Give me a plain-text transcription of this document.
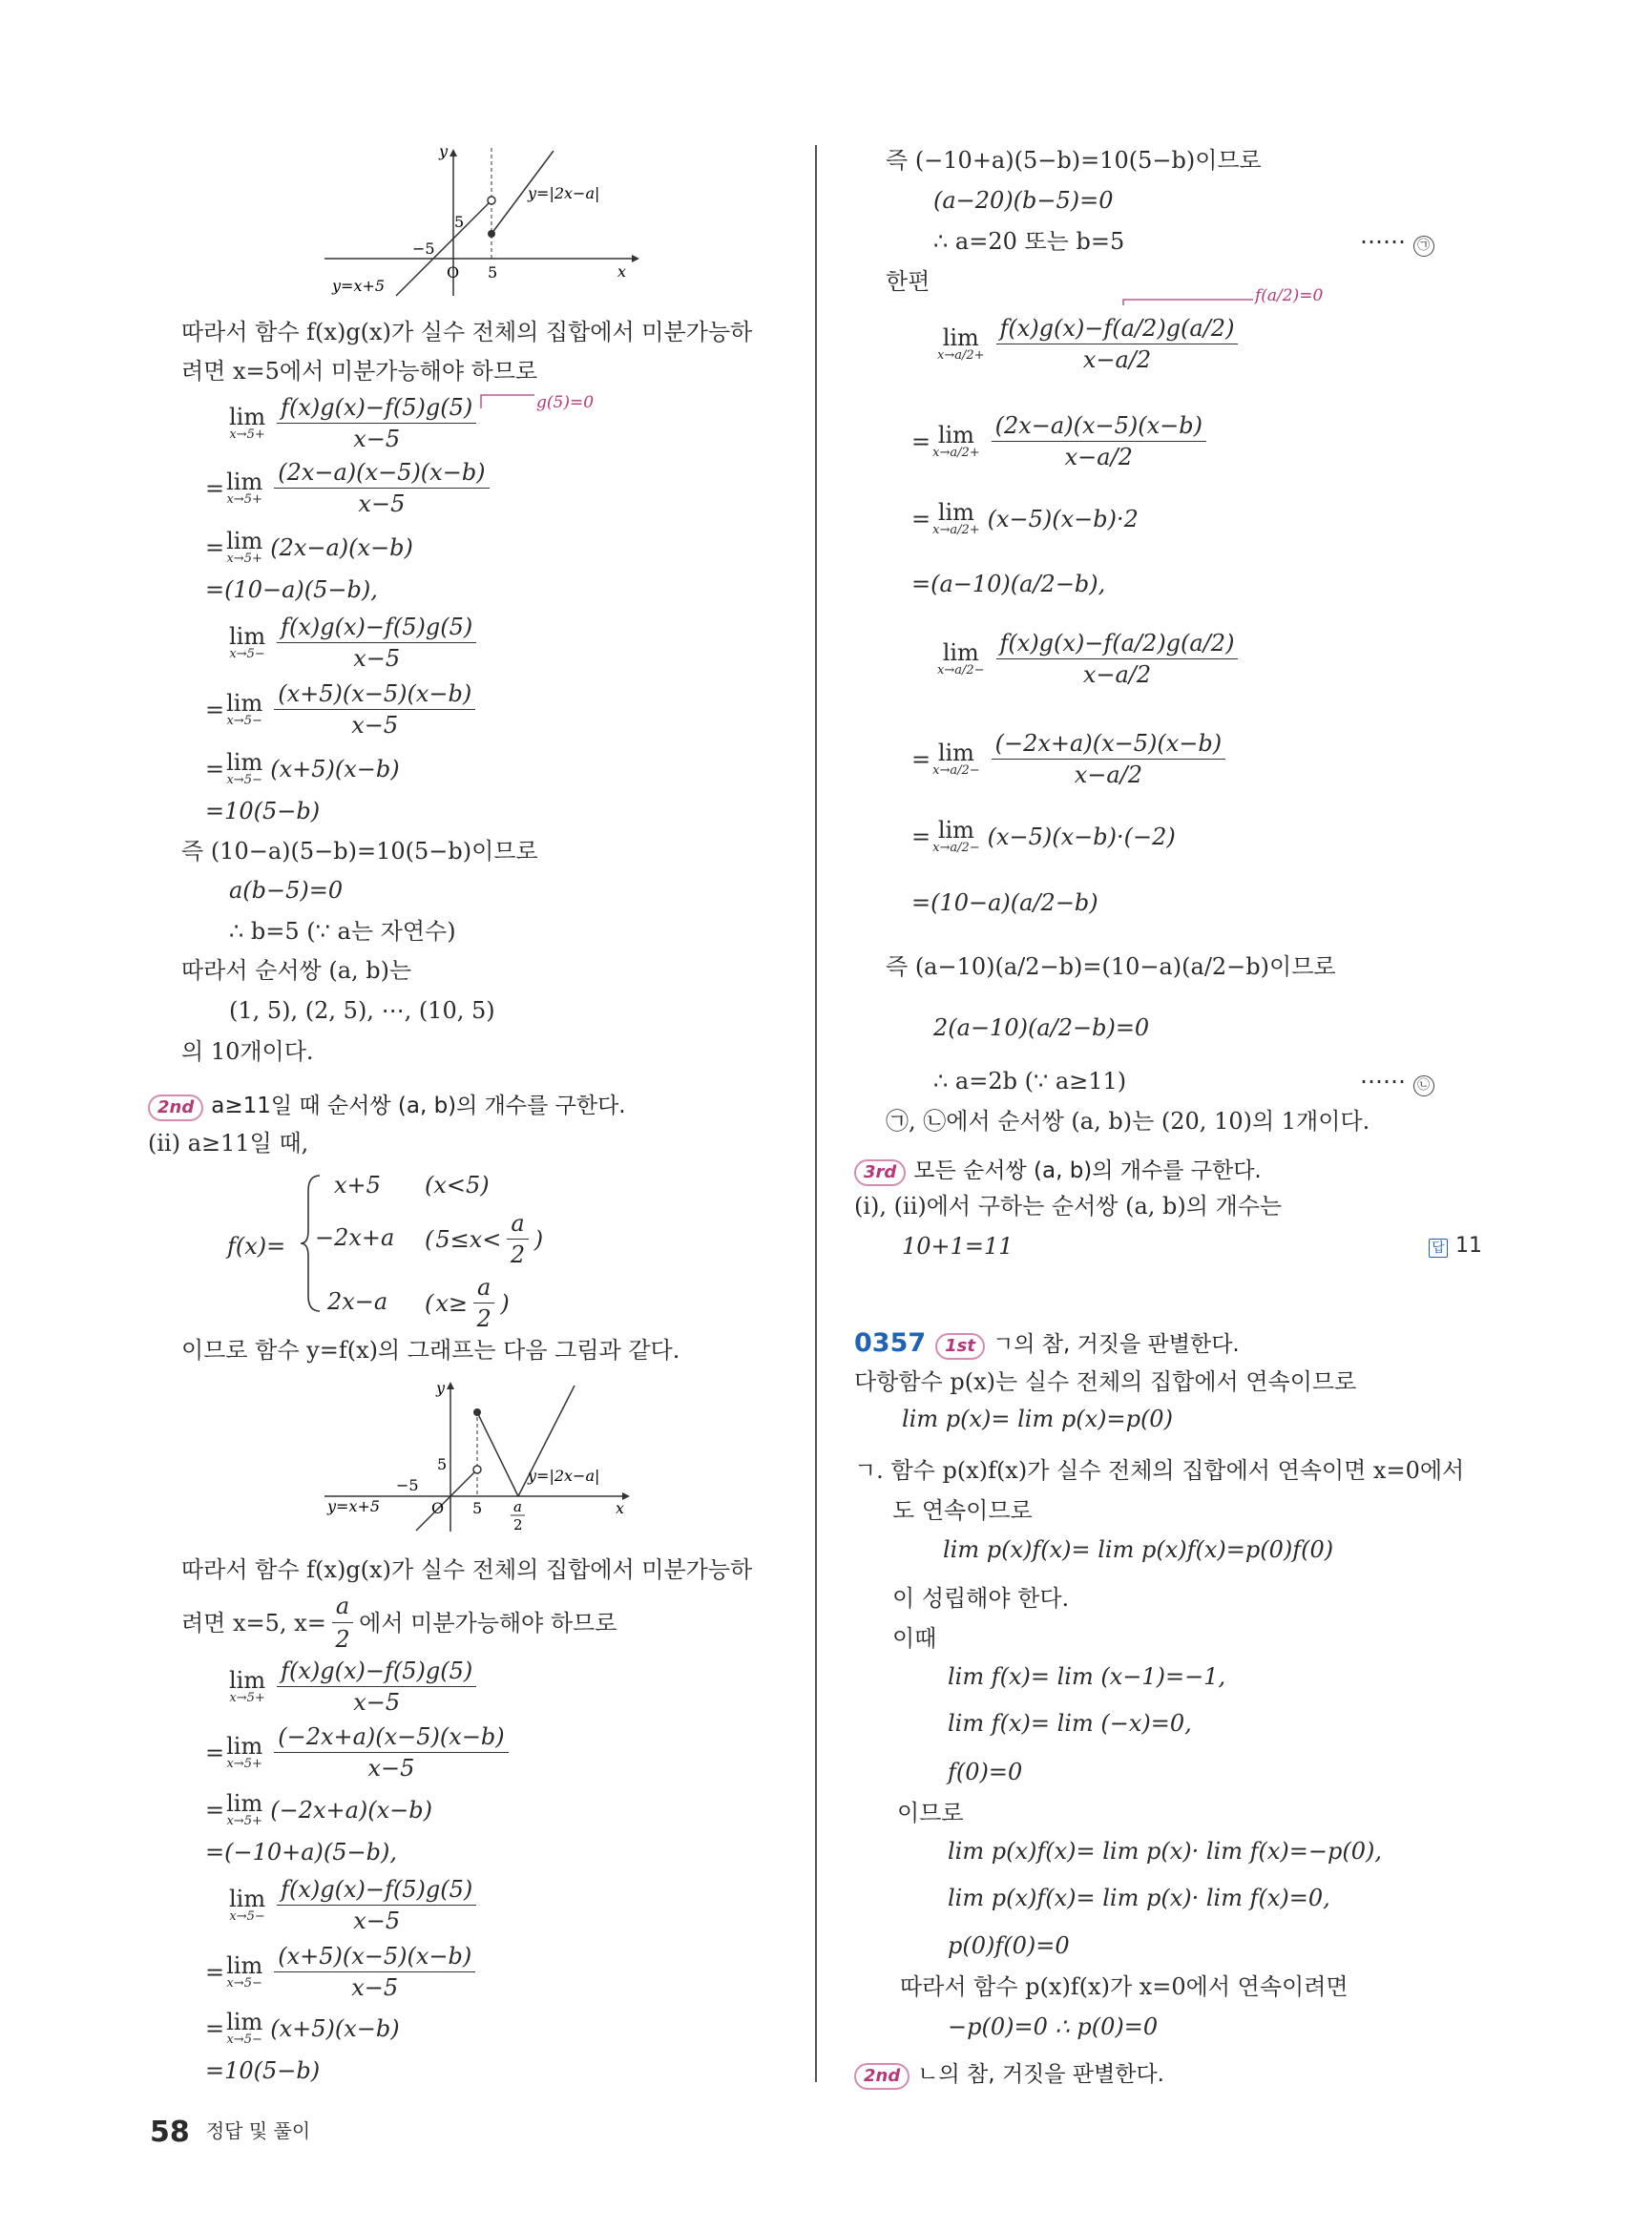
y
x
O
5
−5
5
y=x+5
y=|2x−a|
따라서 함수 f(x)g(x)가 실수 전체의 집합에서 미분가능하
려면 x=5에서 미분가능해야 하므로
g(5)=0
lim
$x\to 5+ \frac{f(x)g(x)-f(5)g(5)}{x-5}$
= lim
$x\to 5+ \frac{(2x-a)(x-5)(x-b)}{x-5}$
= lim
x→5+ (2x−a)(x−b)
=(10−a)(5−b),
lim
$x\to 5- \frac{f(x)g(x)-f(5)g(5)}{x-5}$
= lim
$x\to 5- \frac{(x+5)(x-5)(x-b)}{x-5}$
= lim
x→5− (x+5)(x−b)
=10(5−b)
즉 (10−a)(5−b)=10(5−b)이므로
a(b−5)=0
∴ b=5 (∵ a는 자연수)
따라서 순서쌍 (a, b)는
(1, 5), (2, 5), ⋯, (10, 5)
의 10개이다.
2nd a≥11일 때 순서쌍 (a, b)의 개수를 구한다.
(ii) a≥11일 때,
f(x)=
x+5 (x<5)
−2x+a ( $5\le x< \frac{a}{2}$ )
2x−a ( $x\ge \frac{a}{2}$ )
이므로 함수 y=f(x)의 그래프는 다음 그림과 같다.
y
x
O
5
−5
5 a
2
y=x+5
y=|2x−a|
따라서 함수 f(x)g(x)가 실수 전체의 집합에서 미분가능하
려면 x=5, $x= \frac{a}{2}$ 에서 미분가능해야 하므로
lim
$x\to 5+ \frac{f(x)g(x)-f(5)g(5)}{x-5}$
= lim
$x\to 5+ \frac{(-2x+a)(x-5)(x-b)}{x-5}$
= lim
x→5+ (−2x+a)(x−b)
=(−10+a)(5−b),
lim
$x\to 5- \frac{f(x)g(x)-f(5)g(5)}{x-5}$
= lim
$x\to 5- \frac{(x+5)(x-5)(x-b)}{x-5}$
= lim
x→5− (x+5)(x−b)
=10(5−b)
즉 (−10+a)(5−b)=10(5−b)이므로
(a−20)(b−5)=0
∴ a=20 또는 b=5	⋯⋯ ㉠
한편
f(a/2)=0
lim
$x\to a/2+ \frac{f(x)g(x)-f(a/2)g(a/2)}{x-a/2}$
= lim
$x\to a/2+ \frac{(2x-a)(x-5)(x-b)}{x-a/2}$
= lim
x→a/2+ (x−5)(x−b)·2
=(a−10)(a/2−b),
lim
$x\to a/2- \frac{f(x)g(x)-f(a/2)g(a/2)}{x-a/2}$
= lim
$x\to a/2- \frac{(-2x+a)(x-5)(x-b)}{x-a/2}$
= lim
x→a/2− (x−5)(x−b)·(−2)
=(10−a)(a/2−b)
즉 (a−10)(a/2−b)=(10−a)(a/2−b)이므로
2(a−10)(a/2−b)=0
∴ a=2b (∵ a≥11)	⋯⋯ ㉡
㉠, ㉡에서 순서쌍 (a, b)는 (20, 10)의 1개이다.
3rd 모든 순서쌍 (a, b)의 개수를 구한다.
(i), (ii)에서 구하는 순서쌍 (a, b)의 개수는
10+1=11	답 11
0357 1st ㄱ의 참, 거짓을 판별한다.
다항함수 p(x)는 실수 전체의 집합에서 연속이므로
lim p(x)= lim p(x)=p(0)
ㄱ. 함수 p(x)f(x)가 실수 전체의 집합에서 연속이면 x=0에서
도 연속이므로
lim p(x)f(x)= lim p(x)f(x)=p(0)f(0)
이 성립해야 한다.
이때
lim f(x)= lim (x−1)=−1,
lim f(x)= lim (−x)=0,
f(0)=0
이므로
lim p(x)f(x)= lim p(x)· lim f(x)=−p(0),
lim p(x)f(x)= lim p(x)· lim f(x)=0,
p(0)f(0)=0
따라서 함수 p(x)f(x)가 x=0에서 연속이려면
−p(0)=0 ∴ p(0)=0
2nd ㄴ의 참, 거짓을 판별한다.
58 정답 및 풀이
